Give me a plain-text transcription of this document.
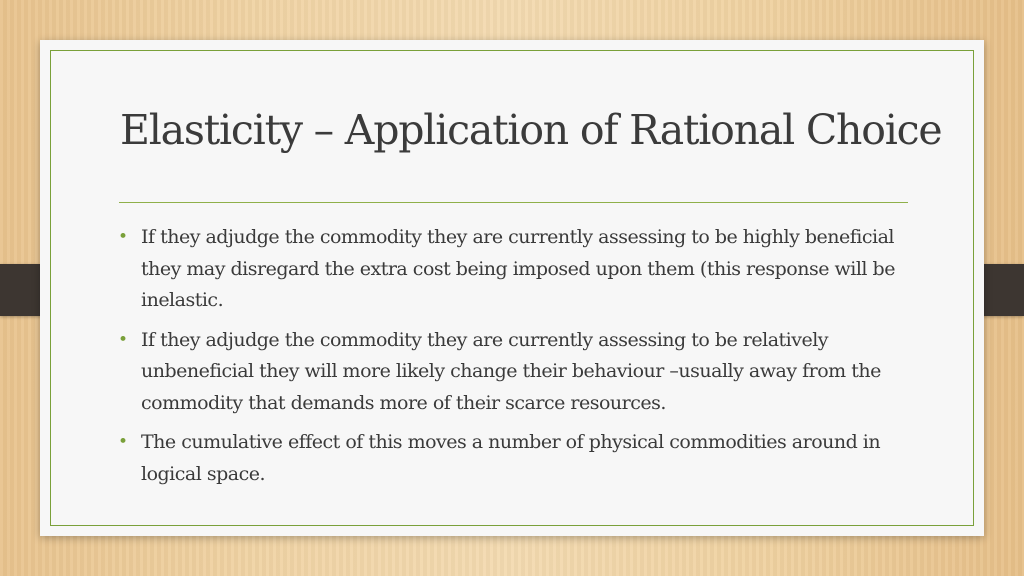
Elasticity – Application of Rational Choice
• If they adjudge the commodity they are currently assessing to be highly beneficial they may disregard the extra cost being imposed upon them (this response will be inelastic.
• If they adjudge the commodity they are currently assessing to be relatively unbeneficial they will more likely change their behaviour –usually away from the commodity that demands more of their scarce resources.
• The cumulative effect of this moves a number of physical commodities around in logical space.
